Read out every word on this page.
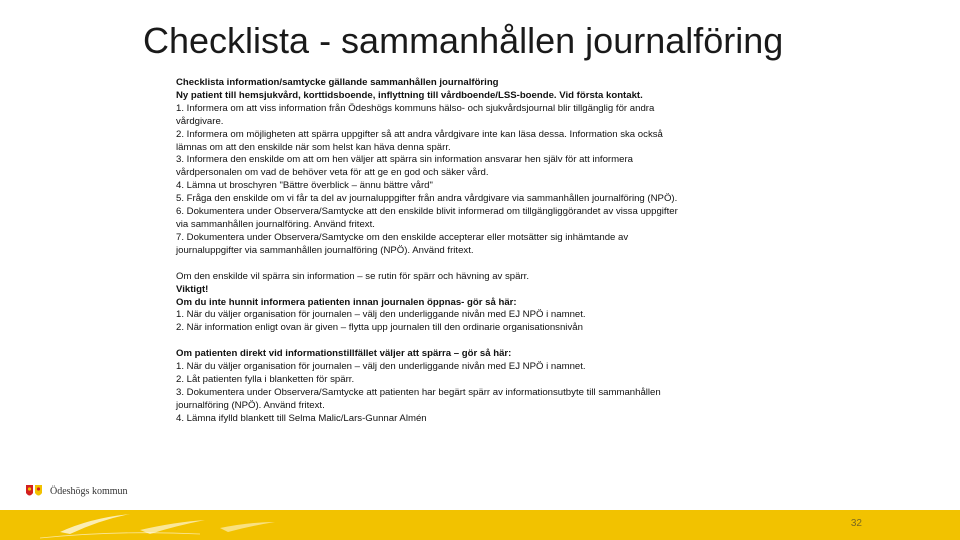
Checklista - sammanhållen journalföring

Checklista information/samtycke gällande sammanhållen journalföring

Ny patient till hemsjukvård, korttidsboende, inflyttning till vårdboende/LSS-boende. Vid första kontakt.

1. Informera om att viss information från Ödeshögs kommuns hälso- och sjukvårdsjournal blir tillgänglig för andra

vårdgivare.

2. Informera om möjligheten att spärra uppgifter så att andra vårdgivare inte kan läsa dessa. Information ska också

lämnas om att den enskilde när som helst kan häva denna spärr.

3. Informera den enskilde om att om hen väljer att spärra sin information ansvarar hen själv för att informera

vårdpersonalen om vad de behöver veta för att ge en god och säker vård.

4. Lämna ut broschyren "Bättre överblick – ännu bättre vård"

5. Fråga den enskilde om vi får ta del av journaluppgifter från andra vårdgivare via sammanhållen journalföring (NPÖ).

6. Dokumentera under Observera/Samtycke att den enskilde blivit informerad om tillgängliggörandet av vissa uppgifter

via sammanhållen journalföring. Använd fritext.

7. Dokumentera under Observera/Samtycke om den enskilde accepterar eller motsätter sig inhämtande av

journaluppgifter via sammanhållen journalföring (NPÖ). Använd fritext.

Om den enskilde vil spärra sin information – se rutin för spärr och hävning av spärr.

Viktigt!

Om du inte hunnit informera patienten innan journalen öppnas- gör så här:

1. När du väljer organisation för journalen – välj den underliggande nivån med EJ NPÖ i namnet.

2. När information enligt ovan är given – flytta upp journalen till den ordinarie organisationsnivån

Om patienten direkt vid informationstillfället väljer att spärra – gör så här:

1. När du väljer organisation för journalen – välj den underliggande nivån med EJ NPÖ i namnet.

2. Låt patienten fylla i blanketten för spärr.

3. Dokumentera under Observera/Samtycke att patienten har begärt spärr av informationsutbyte till sammanhållen

journalföring (NPÖ). Använd fritext.

4. Lämna ifylld blankett till Selma Malic/Lars-Gunnar Almén

Ödeshögs kommun
32
